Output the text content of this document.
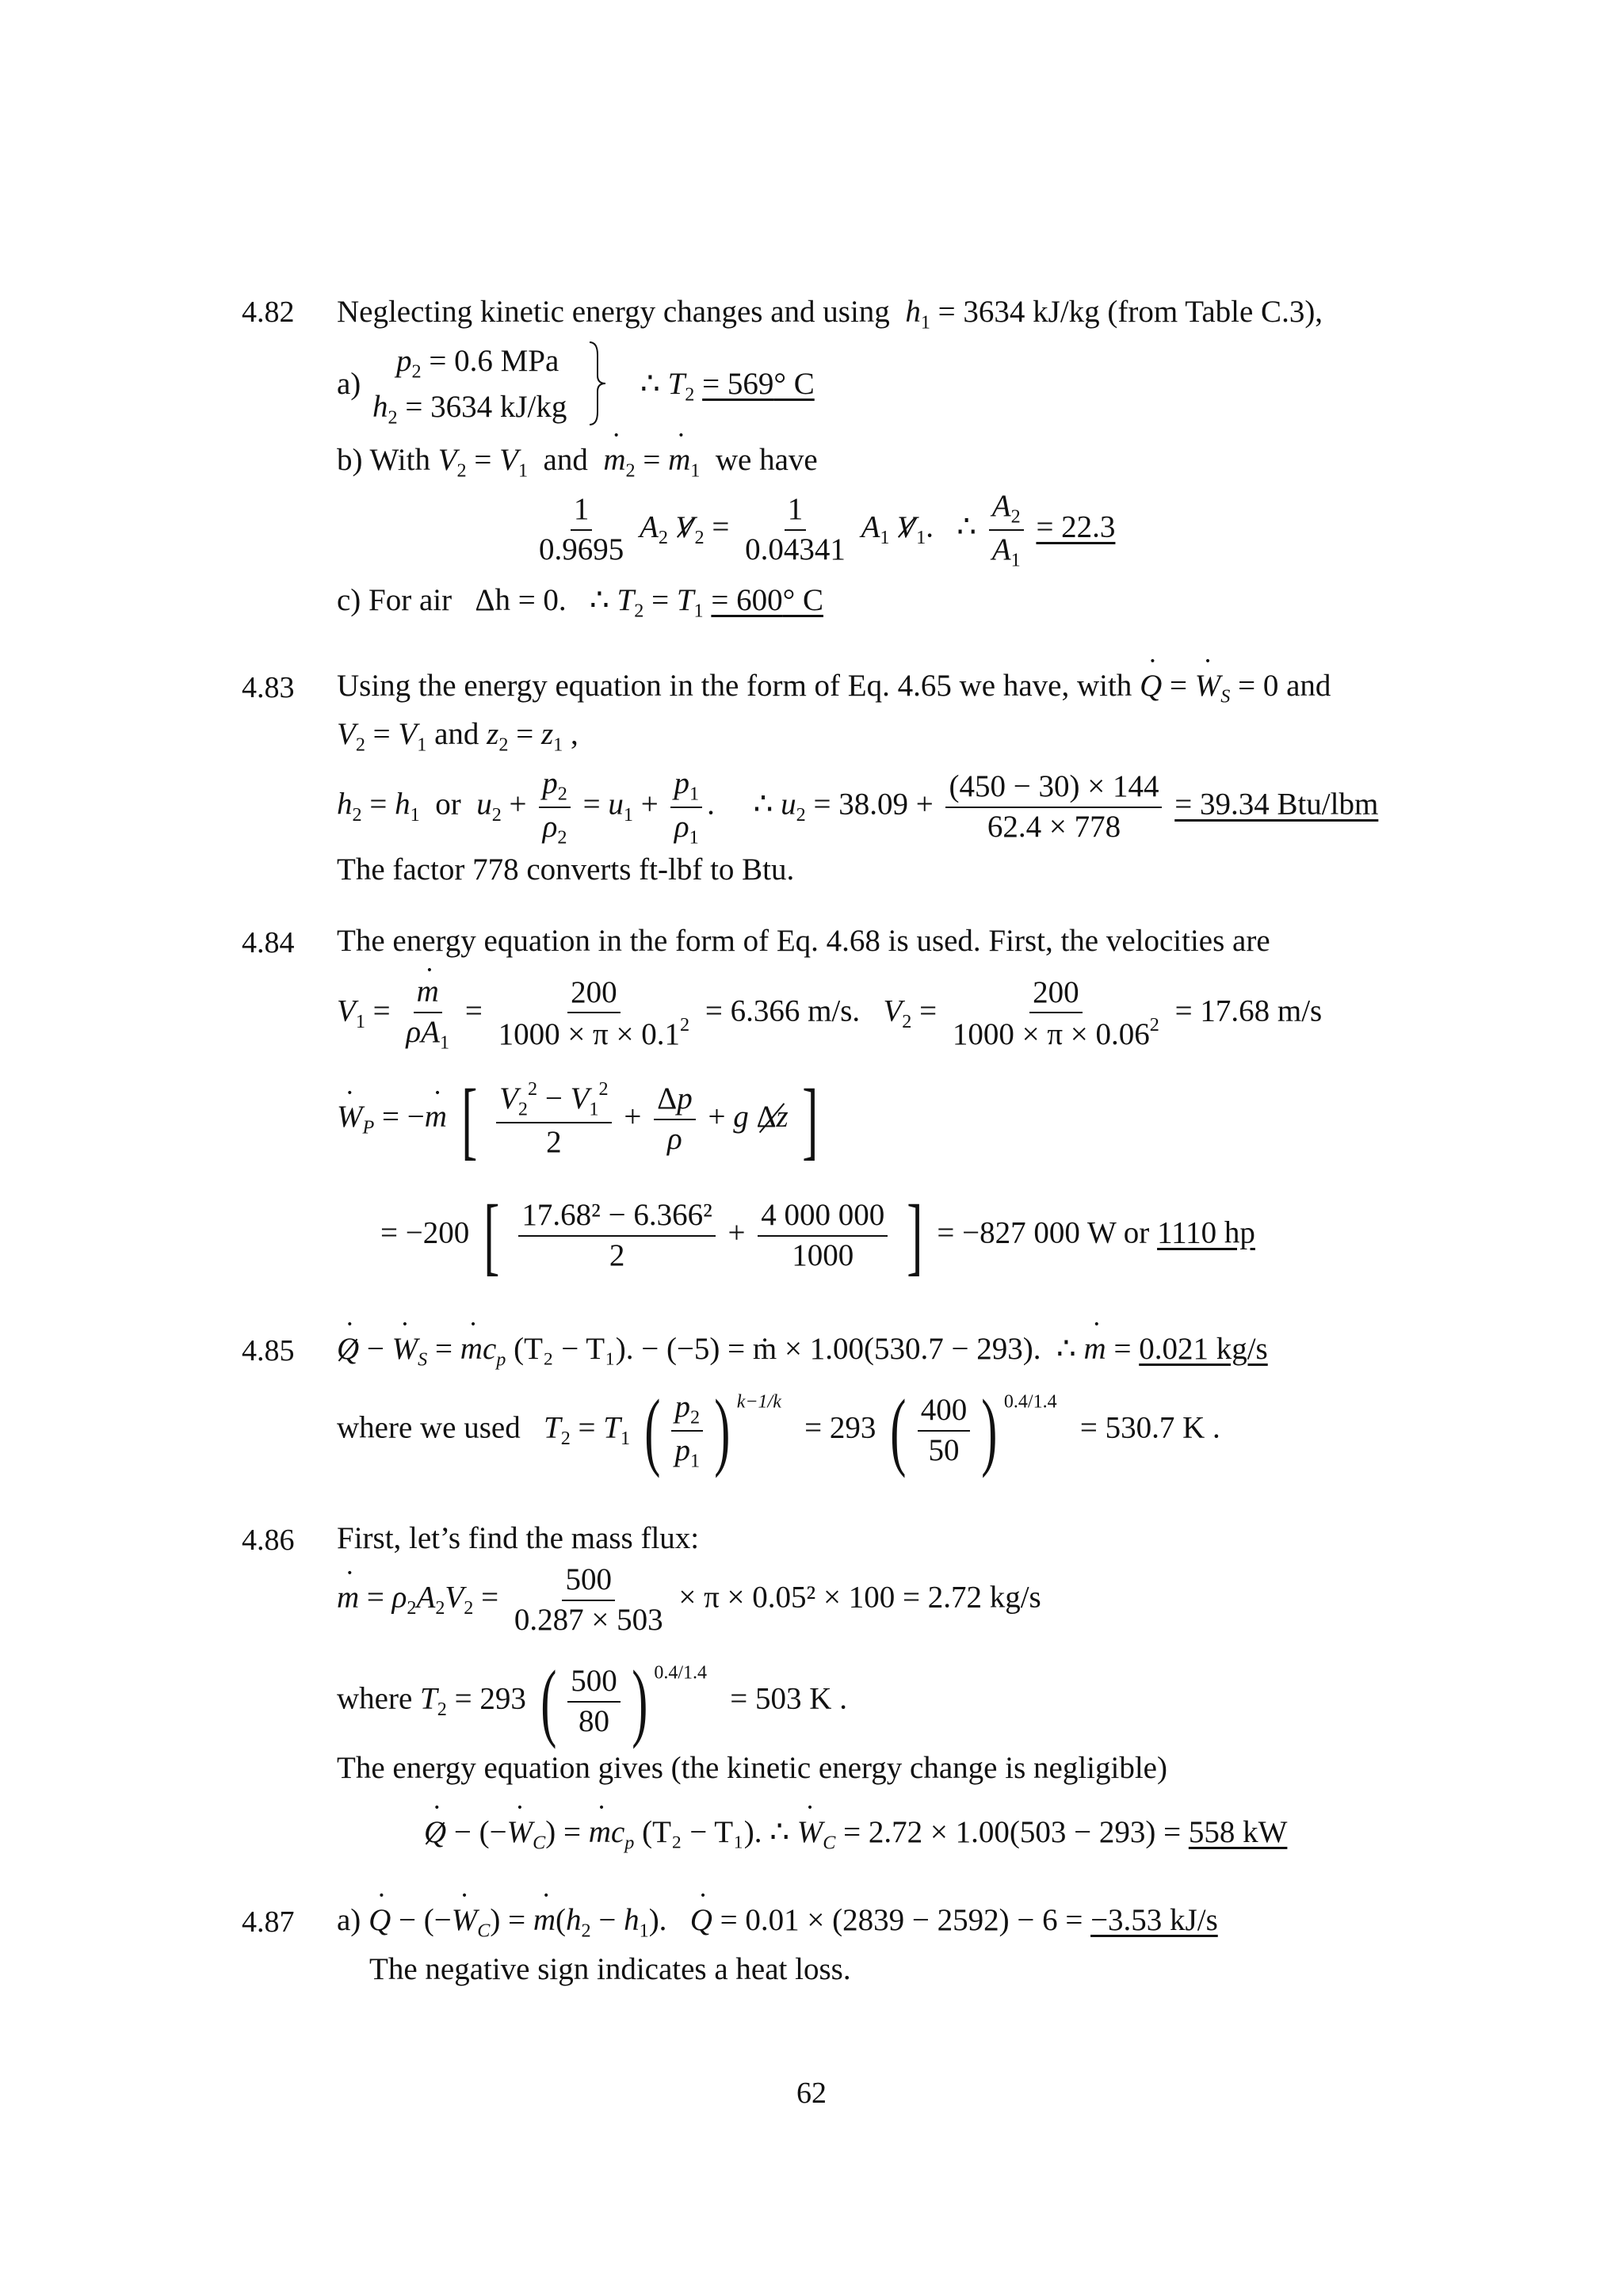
4.82 Neglecting kinetic energy changes and using  $h_1 = 3634$ kJ/kg (from Table C.3),
a)
$p_2 = 0.6$ MPa
$h_2 = 3634$ kJ/kg
∴ $T_2 = 569^\circ$ C
b) With $V_2 = V_1$ and ˙ $m_2$ = ˙ $m_1$ we have
$\frac{1}{0.9695} A_2$ $V_2 = \frac{1}{0.04341} A_1$ $V_1$.   ∴ $\frac{A_2}{A_1} = 22.3$
c) For air Δh = 0.   ∴ $T_2 = T_1 = 600^\circ$ C
4.83 Using the energy equation in the form of Eq. 4.65 we have, with ˙ Q = ˙ $W_S = 0$ and
$V_2 = V_1$ and $z_2 = z_1$ ,
$h_2 = h_1$ or $u_2 + \frac{p_2}{\rho_2} = u_1 + \frac{p_1}{\rho_1}$ .     ∴ $u_2 = 38.09 + \frac{(450 - 30) \times 144}{62.4 \times 778} = 39.34$ Btu/lbm
The factor 778 converts ft-lbf to Btu.
4.84 The energy equation in the form of Eq. 4.68 is used. First, the velocities are
$V_1$ = ˙ $\frac{m}{\rho A_1} = \frac{200}{1000 \times \pi \times 0.1^2} = 6.366$ m/s. $V_2 = \frac{200}{1000 \times \pi \times 0.06^2} = 17.68$ m/s
˙ $W_P$ = −˙ m [ $\frac{V_2^2 - V_1^2}{2} + \frac{\Delta p}{\rho} + g$ Δz ]
= −200 [ $\frac{\text{17.68² − 6.366²}}{2} + \frac{4 000 000}{1000}$ ] = −827 000 W or 1110 hp
4.85 ˙ Q − ˙ $W_S$ = ˙ $mc_p$ (T₂ − T₁). − (−5) = ṁ × 1.00(530.7 − 293).  ∴ ˙ m = 0.021 kg/s
where we used $T_2 = T_1$ ( $\frac{p_2}{p_1}$ ) $^{k-1/k}$   = 293 ( $\frac{400}{50}$ ) $^{0.4/1.4}$   = 530.7 K .
4.86 First, let’s find the mass flux:
˙ $m = \rho_2A_2V_2 = \frac{500}{0.287 \times 503} \times \pi \times 0.05^2 \times 100 = 2.72$ kg/s
where $T_2 = 293$ ( $\frac{500}{80}$ ) $^{0.4/1.4}$   = 503 K .
The energy equation gives (the kinetic energy change is negligible)
˙ Q − (−˙ $W_C$) = ˙ $mc_p$ (T₂ − T₁). ∴ ˙ $W_C = 2.72 \times 1.00(503 - 293) = 558$ kW
4.87 a) ˙ Q − (−˙ $W_C$) = ˙ $m(h_2 - h_1)$.   ˙ Q = 0.01 × (2839 − 2592) − 6 = −3.53 kJ/s
The negative sign indicates a heat loss.
62
